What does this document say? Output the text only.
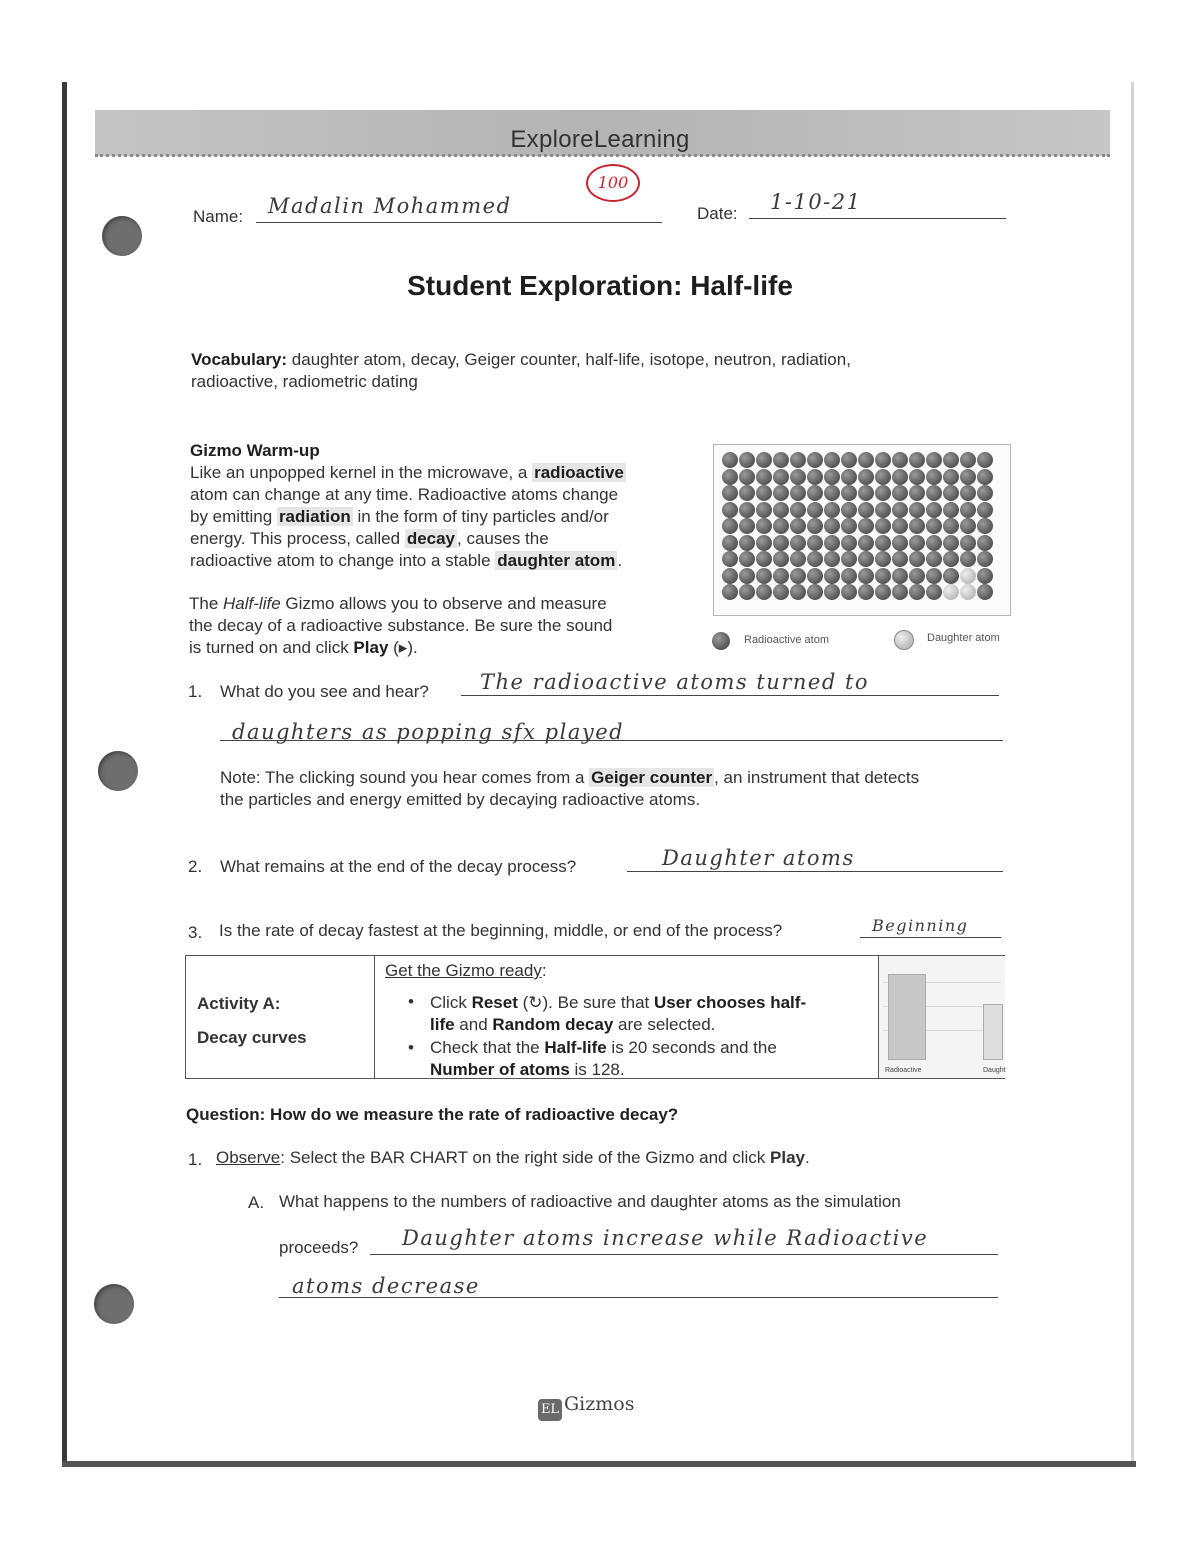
ExploreLearning
100
Name: Madalin Mohammed	Date: 1-10-21
Student Exploration: Half-life
Vocabulary: daughter atom, decay, Geiger counter, half-life, isotope, neutron, radiation,
radioactive, radiometric dating
Gizmo Warm-up
Like an unpopped kernel in the microwave, a radioactive
atom can change at any time. Radioactive atoms change
by emitting radiation in the form of tiny particles and/or
energy. This process, called decay , causes the
radioactive atom to change into a stable daughter atom .
The Half-life Gizmo allows you to observe and measure
the decay of a radioactive substance. Be sure the sound
is turned on and click Play (▸).	Radioactive atom	Daughter atom
1. What do you see and hear? The radioactive atoms turned to
daughters as popping sfx played
Note: The clicking sound you hear comes from a Geiger counter , an instrument that detects
the particles and energy emitted by decaying radioactive atoms.
2. What remains at the end of the decay process?	Daughter atoms
3. Is the rate of decay fastest at the beginning, middle, or end of the process?	Beginning
Activity A:
Decay curves
Get the Gizmo ready:
• Click Reset (↻). Be sure that User chooses half-
life and Random decay are selected.
• Check that the Half-life is 20 seconds and the
Number of atoms is 128.	Radioactive	Daught
Question: How do we measure the rate of radioactive decay?
1. Observe: Select the BAR CHART on the right side of the Gizmo and click Play.
A. What happens to the numbers of radioactive and daughter atoms as the simulation
proceeds? Daughter atoms increase while Radioactive
atoms decrease
EL Gizmos
